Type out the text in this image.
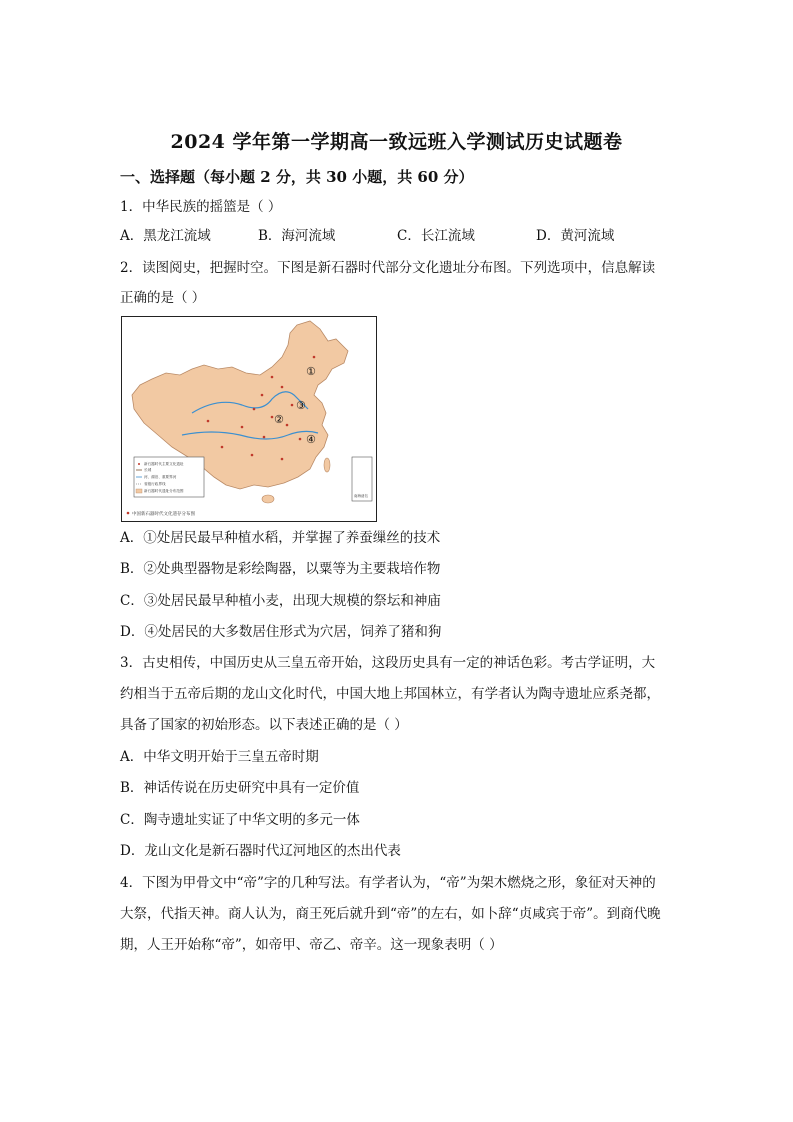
2024 学年第一学期高一致远班入学测试历史试题卷
一、选择题（每小题 2 分，共 30 小题，共 60 分）
1．中华民族的摇篮是（ ）
A．黑龙江流域	B．海河流域	C．长江流域	D．黄河流域
2．读图阅史，把握时空。下图是新石器时代部分文化遗址分布图。下列选项中，信息解读
正确的是（ ）
①
②
③
④
新石器时代主要文化遗址
长城
河、湖泊、重要界河
省级行政界线
新石器时代遗址分布范围
南海诸岛
中国新石器时代文化遗存分布图
A．①处居民最早种植水稻，并掌握了养蚕缫丝的技术
B．②处典型器物是彩绘陶器，以粟等为主要栽培作物
C．③处居民最早种植小麦，出现大规模的祭坛和神庙
D．④处居民的大多数居住形式为穴居，饲养了猪和狗
3．古史相传，中国历史从三皇五帝开始，这段历史具有一定的神话色彩。考古学证明，大
约相当于五帝后期的龙山文化时代，中国大地上邦国林立，有学者认为陶寺遗址应系尧都，
具备了国家的初始形态。以下表述正确的是（ ）
A．中华文明开始于三皇五帝时期
B．神话传说在历史研究中具有一定价值
C．陶寺遗址实证了中华文明的多元一体
D．龙山文化是新石器时代辽河地区的杰出代表
4．下图为甲骨文中“帝”字的几种写法。有学者认为，“帝”为架木燃烧之形，象征对天神的
大祭，代指天神。商人认为，商王死后就升到“帝”的左右，如卜辞“贞咸宾于帝”。到商代晚
期，人王开始称“帝”，如帝甲、帝乙、帝辛。这一现象表明（ ）
